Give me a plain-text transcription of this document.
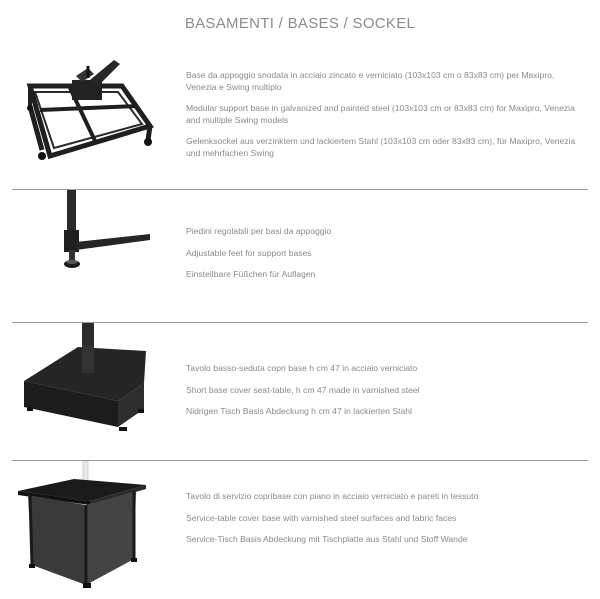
BASAMENTI / BASES / SOCKEL

Base da appoggio snodata in acciaio zincato e verniciato (103x103 cm o 83x83 cm) per Maxipro, Venezia e Swing multiplo

Modular support base in galvanized and painted steel (103x103 cm or 83x83 cm) for Maxipro, Venezia and multiple Swing models

Gelenksockel aus verzinktem und lackiertem Stahl (103x103 cm oder 83x83 cm), für Maxipro, Venezia und mehrfachen Swing

Piedini regolabili per basi da appoggio

Adjustable feet for support bases

Einstellbare Füßchen für Auflagen

Tavolo basso-seduta copri base h cm 47 in acciaio verniciato

Short base cover seat-table, h cm 47 made in varnished steel

Nidrigen Tisch Basis Abdeckung h cm 47 in lackierten Stahl

Tavolo di servizio copribase con piano in acciaio verniciato e pareti in tessuto

Service-table cover base with varnished steel surfaces and fabric faces

Service-Tisch Basis Abdeckung mit Tischplatte aus Stahl und Stoff Wande
